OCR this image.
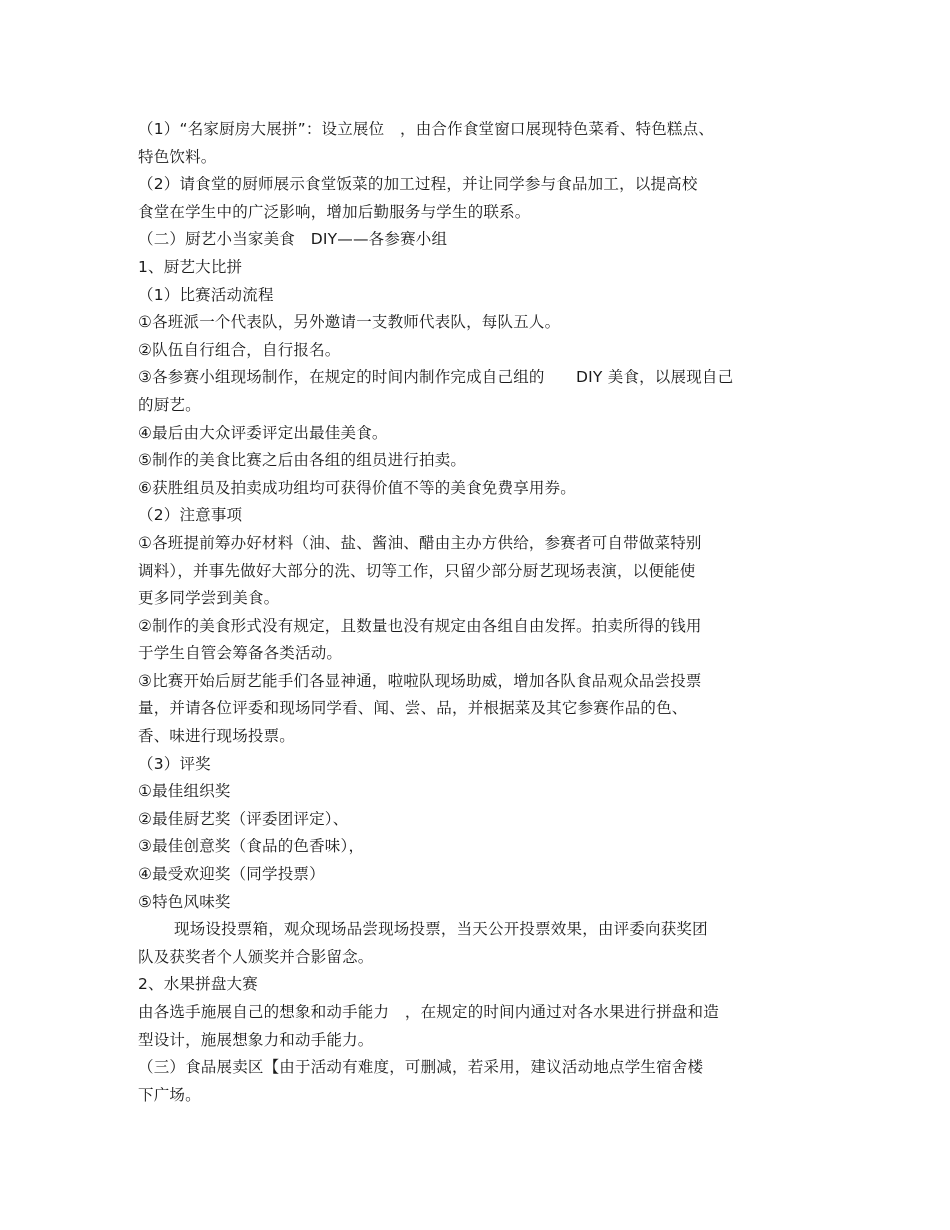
（1）“名家厨房大展拼”：设立展位　，由合作食堂窗口展现特色菜肴、特色糕点、
特色饮料。
（2）请食堂的厨师展示食堂饭菜的加工过程，并让同学参与食品加工，以提高校
食堂在学生中的广泛影响，增加后勤服务与学生的联系。
（二）厨艺小当家美食　DIY——各参赛小组
1、厨艺大比拼
（1）比赛活动流程
①各班派一个代表队，另外邀请一支教师代表队，每队五人。
②队伍自行组合，自行报名。
③各参赛小组现场制作，在规定的时间内制作完成自己组的　　DIY 美食，以展现自己
的厨艺。
④最后由大众评委评定出最佳美食。
⑤制作的美食比赛之后由各组的组员进行拍卖。
⑥获胜组员及拍卖成功组均可获得价值不等的美食免费享用券。
（2）注意事项
①各班提前筹办好材料（油、盐、酱油、醋由主办方供给，参赛者可自带做菜特别
调料），并事先做好大部分的洗、切等工作，只留少部分厨艺现场表演，以便能使
更多同学尝到美食。
②制作的美食形式没有规定，且数量也没有规定由各组自由发挥。拍卖所得的钱用
于学生自管会筹备各类活动。
③比赛开始后厨艺能手们各显神通，啦啦队现场助威，增加各队食品观众品尝投票
量，并请各位评委和现场同学看、闻、尝、品，并根据菜及其它参赛作品的色、
香、味进行现场投票。
（3）评奖
①最佳组织奖
②最佳厨艺奖（评委团评定）、
③最佳创意奖（食品的色香味），
④最受欢迎奖（同学投票）
⑤特色风味奖
现场设投票箱，观众现场品尝现场投票，当天公开投票效果，由评委向获奖团
队及获奖者个人颁奖并合影留念。
2、水果拼盘大赛
由各选手施展自己的想象和动手能力　，在规定的时间内通过对各水果进行拼盘和造
型设计，施展想象力和动手能力。
（三）食品展卖区【由于活动有难度，可删减，若采用，建议活动地点学生宿舍楼
下广场。
